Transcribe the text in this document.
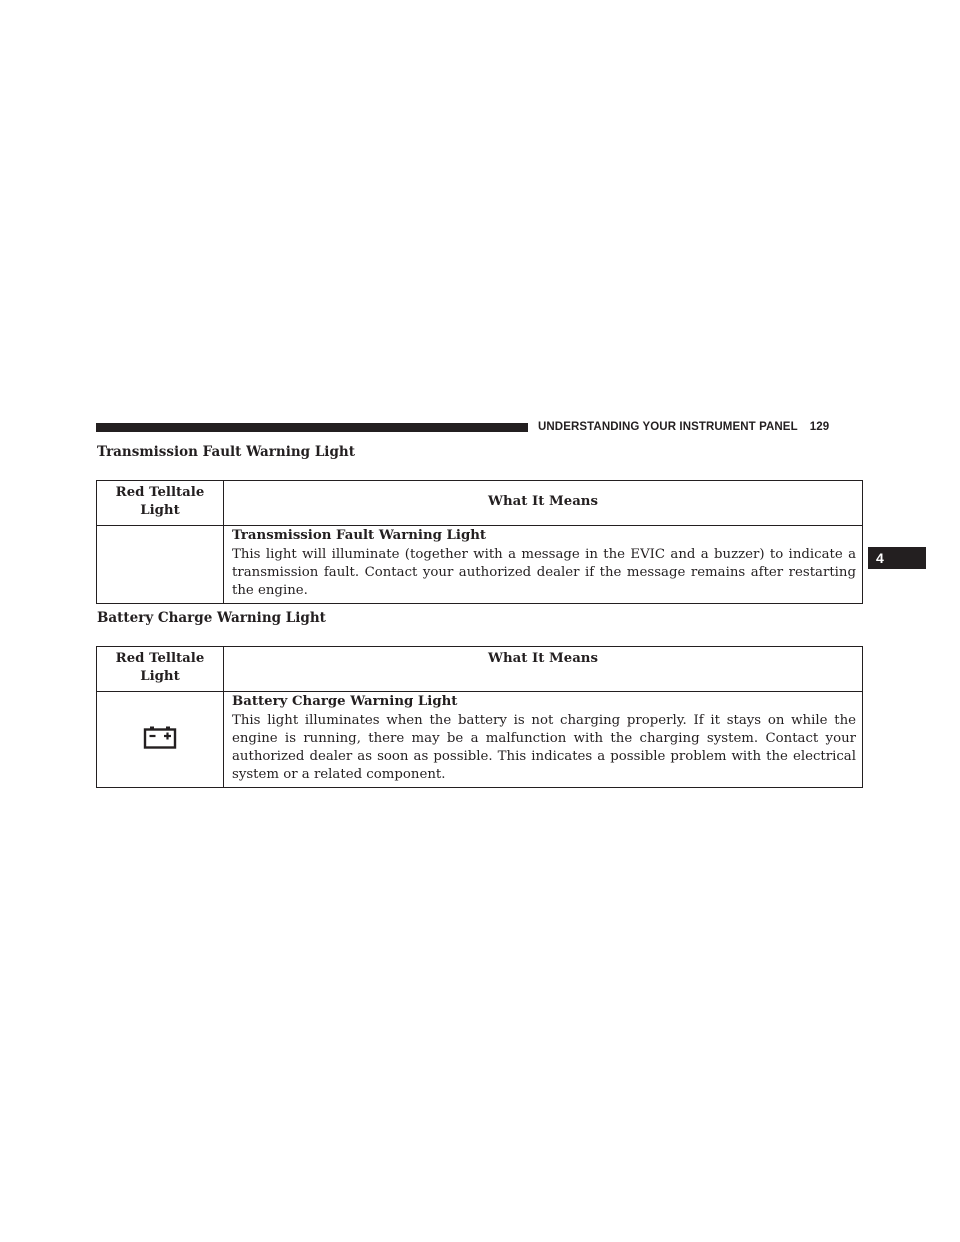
UNDERSTANDING YOUR INSTRUMENT PANEL 129
4
Transmission Fault Warning Light
Red Telltale Light	What It Means

	Transmission Fault Warning Light
This light will illuminate (together with a message in the EVIC and a buzzer) to indicate a transmission fault. Contact your authorized dealer if the message remains after restarting the engine.
Battery Charge Warning Light
Red Telltale Light	What It Means

Battery Charge Warning Light
This light illuminates when the battery is not charging properly. If it stays on while the engine is running, there may be a malfunction with the charging system. Contact your authorized dealer as soon as possible. This indicates a possible problem with the electrical system or a related component.
